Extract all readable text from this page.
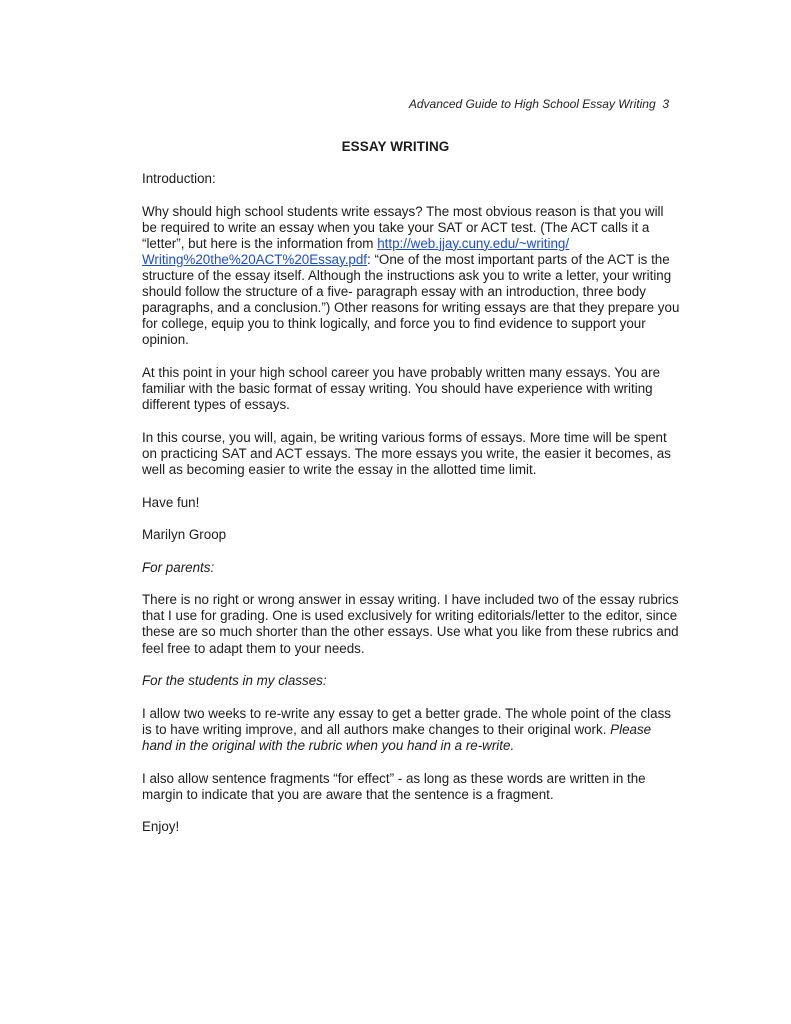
Advanced Guide to High School Essay Writing 3
ESSAY WRITING

Introduction:

Why should high school students write essays? The most obvious reason is that you will be required to write an essay when you take your SAT or ACT test. (The ACT calls it a “letter”, but here is the information from http://web.jjay.cuny.edu/~writing/ Writing%20the%20ACT%20Essay.pdf: “One of the most important parts of the ACT is the structure of the essay itself. Although the instructions ask you to write a letter, your writing should follow the structure of a five- paragraph essay with an introduction, three body paragraphs, and a conclusion.”) Other reasons for writing essays are that they prepare you for college, equip you to think logically, and force you to find evidence to support your opinion.

At this point in your high school career you have probably written many essays. You are familiar with the basic format of essay writing. You should have experience with writing different types of essays.

In this course, you will, again, be writing various forms of essays. More time will be spent on practicing SAT and ACT essays. The more essays you write, the easier it becomes, as well as becoming easier to write the essay in the allotted time limit.

Have fun!

Marilyn Groop

For parents:

There is no right or wrong answer in essay writing. I have included two of the essay rubrics that I use for grading. One is used exclusively for writing editorials/letter to the editor, since these are so much shorter than the other essays. Use what you like from these rubrics and feel free to adapt them to your needs.

For the students in my classes:

I allow two weeks to re-write any essay to get a better grade. The whole point of the class is to have writing improve, and all authors make changes to their original work. Please hand in the original with the rubric when you hand in a re-write.

I also allow sentence fragments “for effect” - as long as these words are written in the margin to indicate that you are aware that the sentence is a fragment.

Enjoy!
